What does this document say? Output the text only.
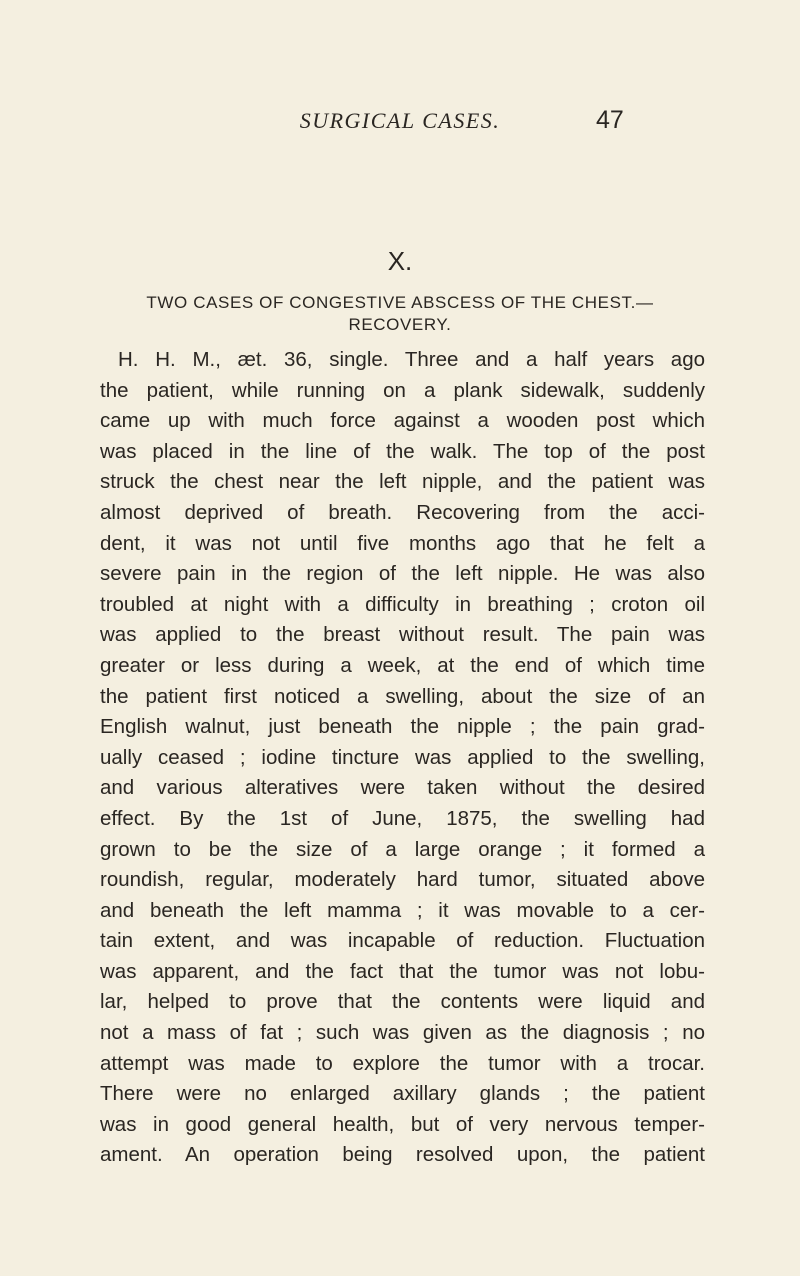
SURGICAL CASES.	47
X.
TWO CASES OF CONGESTIVE ABSCESS OF THE CHEST.—
RECOVERY.
H. H. M., æt. 36, single. Three and a half years ago
the patient, while running on a plank sidewalk, suddenly
came up with much force against a wooden post which
was placed in the line of the walk. The top of the post
struck the chest near the left nipple, and the patient was
almost deprived of breath. Recovering from the acci-
dent, it was not until five months ago that he felt a
severe pain in the region of the left nipple. He was also
troubled at night with a difficulty in breathing ; croton oil
was applied to the breast without result. The pain was
greater or less during a week, at the end of which time
the patient first noticed a swelling, about the size of an
English walnut, just beneath the nipple ; the pain grad-
ually ceased ; iodine tincture was applied to the swelling,
and various alteratives were taken without the desired
effect. By the 1st of June, 1875, the swelling had
grown to be the size of a large orange ; it formed a
roundish, regular, moderately hard tumor, situated above
and beneath the left mamma ; it was movable to a cer-
tain extent, and was incapable of reduction. Fluctuation
was apparent, and the fact that the tumor was not lobu-
lar, helped to prove that the contents were liquid and
not a mass of fat ; such was given as the diagnosis ; no
attempt was made to explore the tumor with a trocar.
There were no enlarged axillary glands ; the patient
was in good general health, but of very nervous temper-
ament. An operation being resolved upon, the patient
